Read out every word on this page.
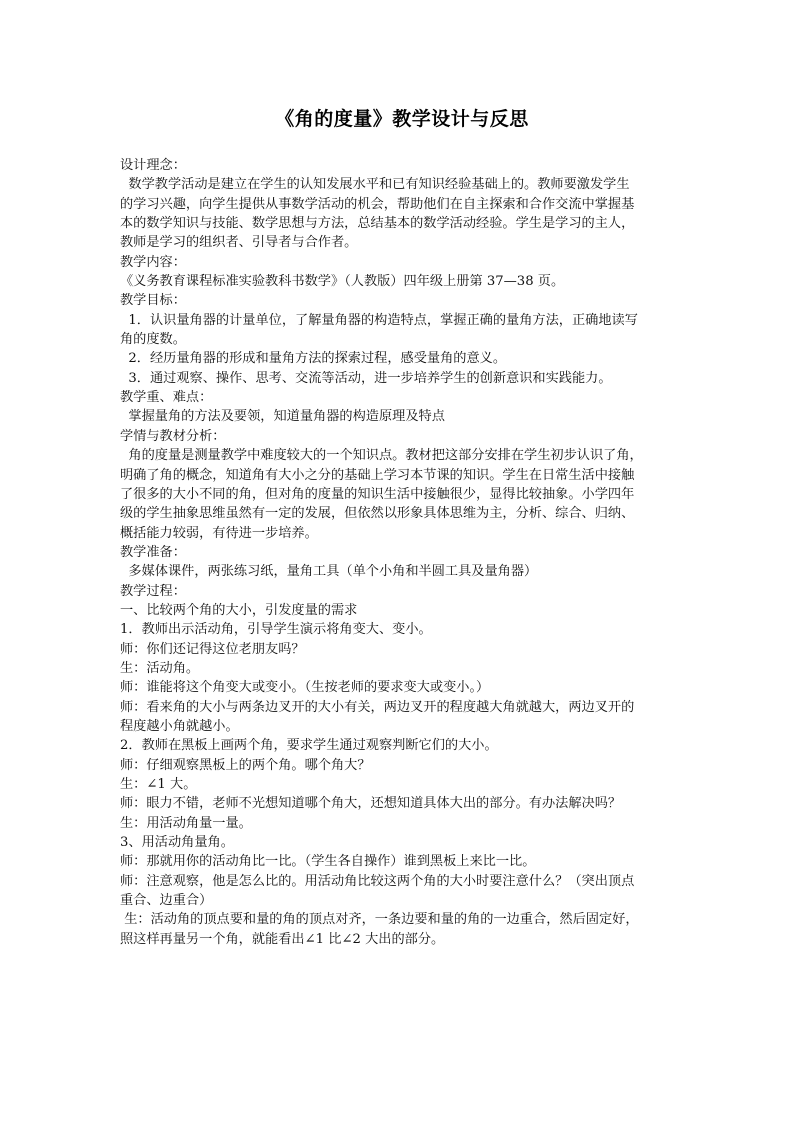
《角的度量》教学设计与反思
设计理念：
数学教学活动是建立在学生的认知发展水平和已有知识经验基础上的。教师要激发学生
的学习兴趣，向学生提供从事数学活动的机会，帮助他们在自主探索和合作交流中掌握基
本的数学知识与技能、数学思想与方法，总结基本的数学活动经验。学生是学习的主人，
教师是学习的组织者、引导者与合作者。
教学内容：
《义务教育课程标准实验教科书数学》（人教版）四年级上册第 37—38 页。
教学目标：
1．认识量角器的计量单位，了解量角器的构造特点，掌握正确的量角方法，正确地读写
角的度数。
2．经历量角器的形成和量角方法的探索过程，感受量角的意义。
3．通过观察、操作、思考、交流等活动，进一步培养学生的创新意识和实践能力。
教学重、难点：
掌握量角的方法及要领，知道量角器的构造原理及特点
学情与教材分析：
角的度量是测量教学中难度较大的一个知识点。教材把这部分安排在学生初步认识了角，
明确了角的概念，知道角有大小之分的基础上学习本节课的知识。学生在日常生活中接触
了很多的大小不同的角，但对角的度量的知识生活中接触很少，显得比较抽象。小学四年
级的学生抽象思维虽然有一定的发展，但依然以形象具体思维为主，分析、综合、归纳、
概括能力较弱，有待进一步培养。
教学准备：
多媒体课件，两张练习纸，量角工具（单个小角和半圆工具及量角器）
教学过程：
一、比较两个角的大小，引发度量的需求
1．教师出示活动角，引导学生演示将角变大、变小。
师：你们还记得这位老朋友吗？
生：活动角。
师：谁能将这个角变大或变小。（生按老师的要求变大或变小。）
师：看来角的大小与两条边叉开的大小有关，两边叉开的程度越大角就越大，两边叉开的
程度越小角就越小。
2．教师在黑板上画两个角，要求学生通过观察判断它们的大小。
师：仔细观察黑板上的两个角。哪个角大？
生：∠1 大。
师：眼力不错，老师不光想知道哪个角大，还想知道具体大出的部分。有办法解决吗？
生：用活动角量一量。
3、用活动角量角。
师：那就用你的活动角比一比。（学生各自操作）谁到黑板上来比一比。
师：注意观察，他是怎么比的。用活动角比较这两个角的大小时要注意什么？（突出顶点
重合、边重合）
生：活动角的顶点要和量的角的顶点对齐，一条边要和量的角的一边重合，然后固定好，
照这样再量另一个角，就能看出∠1 比∠2 大出的部分。
